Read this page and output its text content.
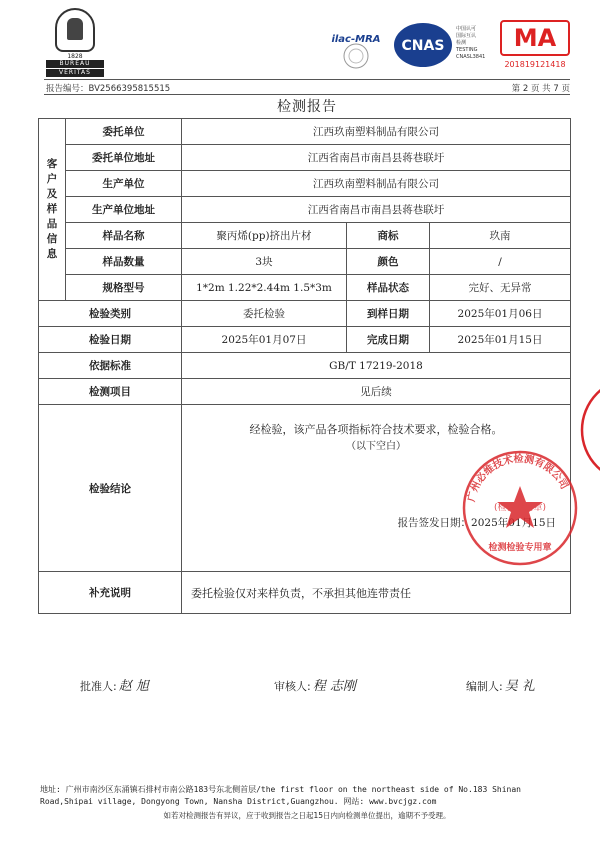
1828
BUREAU
VERITAS
ilac-MRA CNAS
中国认可
国际互认
检测
TESTING
CNASL3841
MA
201819121418
报告编号：BV2566395815515	第 2 页 共 7 页
检测报告
客户及样品信息	委托单位	江西玖南塑料制品有限公司		
	委托单位地址	江西省南昌市南昌县蒋巷联圩		
	生产单位	江西玖南塑料制品有限公司		
	生产单位地址	江西省南昌市南昌县蒋巷联圩		
	样品名称	聚丙烯(pp)挤出片材	商标	玖南
	样品数量	3块	颜色	/
	规格型号	1*2m 1.22*2.44m 1.5*3m	样品状态	完好、无异常
检验类别		委托检验	到样日期	2025年01月06日
检验日期		2025年01月07日	完成日期	2025年01月15日
依据标准		GB/T 17219-2018		
检测项目		见后续		
检验结论		经检验，该产品各项指标符合技术要求，检验合格。
（以下空白）
报告签发日期：2025年01月15日		

补充说明		委托检验仅对来样负责，不承担其他连带责任		
广州必维技术检测有限公司
(检验专用章)
检测检验专用章
批准人: 赵 旭	审核人: 程 志刚	编制人: 吴 礼
地址: 广州市南沙区东涌镇石排村市南公路183号东北侧首层/the first floor on the northeast side of No.183 Shinan Road,Shipai village, Dongyong Town, Nansha District,Guangzhou. 网站: www.bvcjgz.com
如若对检测报告有异议，应于收到报告之日起15日内向检测单位提出，逾期不予受理。
